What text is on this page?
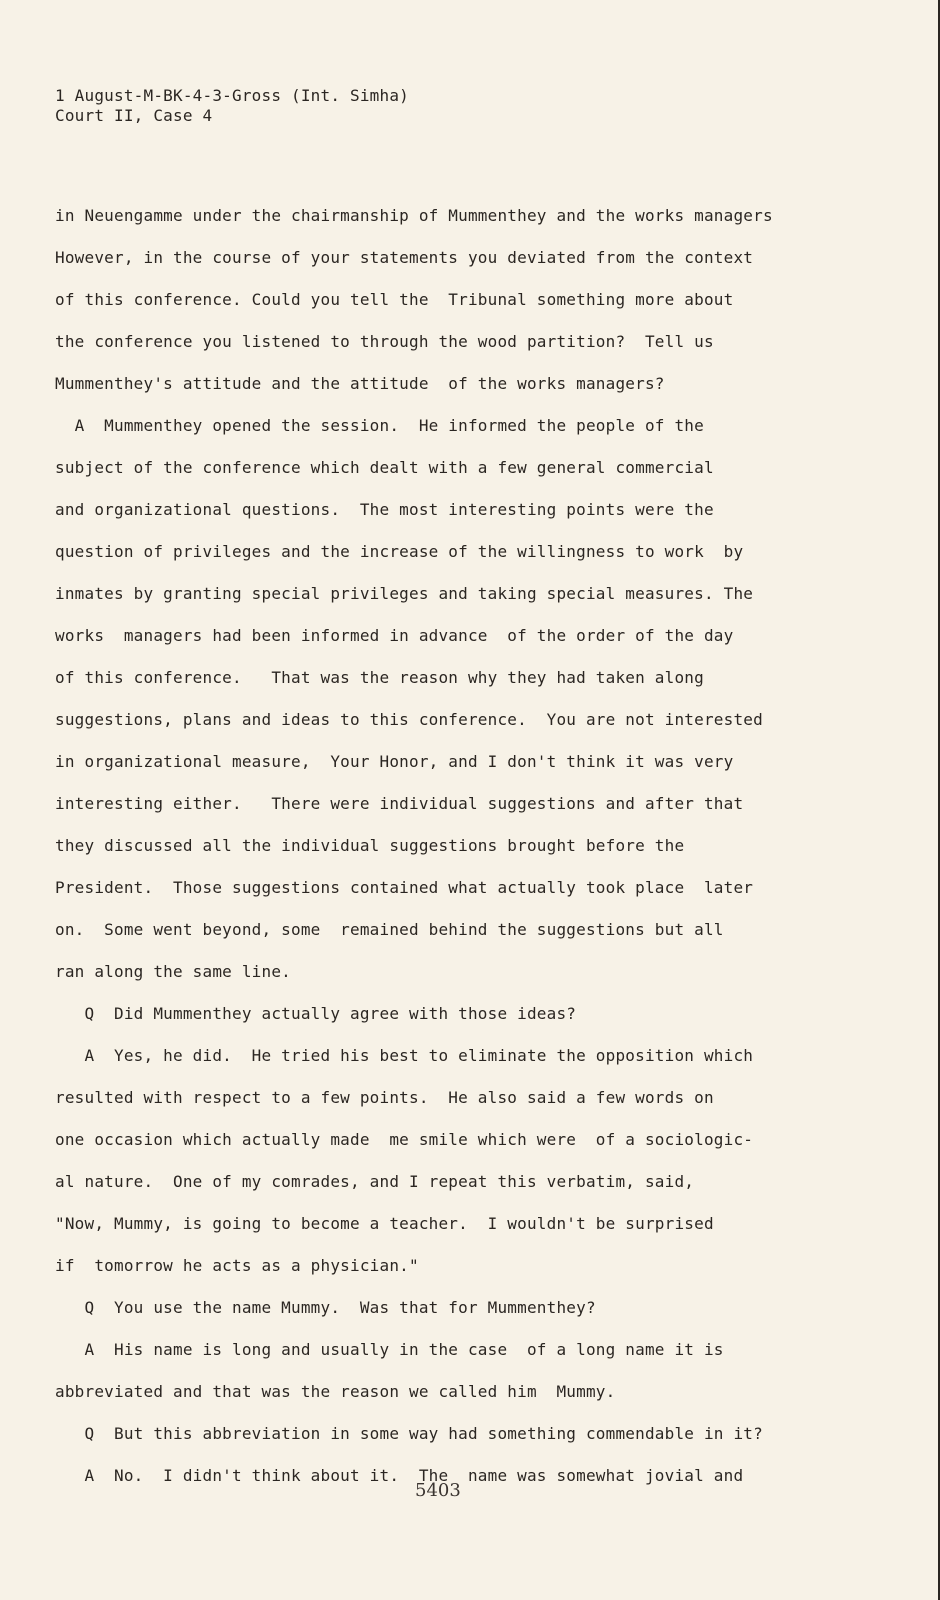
1 August-M-BK-4-3-Gross (Int. Simha)
Court II, Case 4
in Neuengamme under the chairmanship of Mummenthey and the works managers
However, in the course of your statements you deviated from the context
of this conference. Could you tell the  Tribunal something more about
the conference you listened to through the wood partition?  Tell us
Mummenthey's attitude and the attitude  of the works managers?
A  Mummenthey opened the session.  He informed the people of the
subject of the conference which dealt with a few general commercial
and organizational questions.  The most interesting points were the
question of privileges and the increase of the willingness to work  by
inmates by granting special privileges and taking special measures. The
works  managers had been informed in advance  of the order of the day
of this conference.   That was the reason why they had taken along
suggestions, plans and ideas to this conference.  You are not interested
in organizational measure,  Your Honor, and I don't think it was very
interesting either.   There were individual suggestions and after that
they discussed all the individual suggestions brought before the
President.  Those suggestions contained what actually took place  later
on.  Some went beyond, some  remained behind the suggestions but all
ran along the same line.
Q  Did Mummenthey actually agree with those ideas?
A  Yes, he did.  He tried his best to eliminate the opposition which
resulted with respect to a few points.  He also said a few words on
one occasion which actually made  me smile which were  of a sociologic-
al nature.  One of my comrades, and I repeat this verbatim, said,
"Now, Mummy, is going to become a teacher.  I wouldn't be surprised
if  tomorrow he acts as a physician."
Q  You use the name Mummy.  Was that for Mummenthey?
A  His name is long and usually in the case  of a long name it is
abbreviated and that was the reason we called him  Mummy.
Q  But this abbreviation in some way had something commendable in it?
A  No.  I didn't think about it.  The  name was somewhat jovial and
5403
